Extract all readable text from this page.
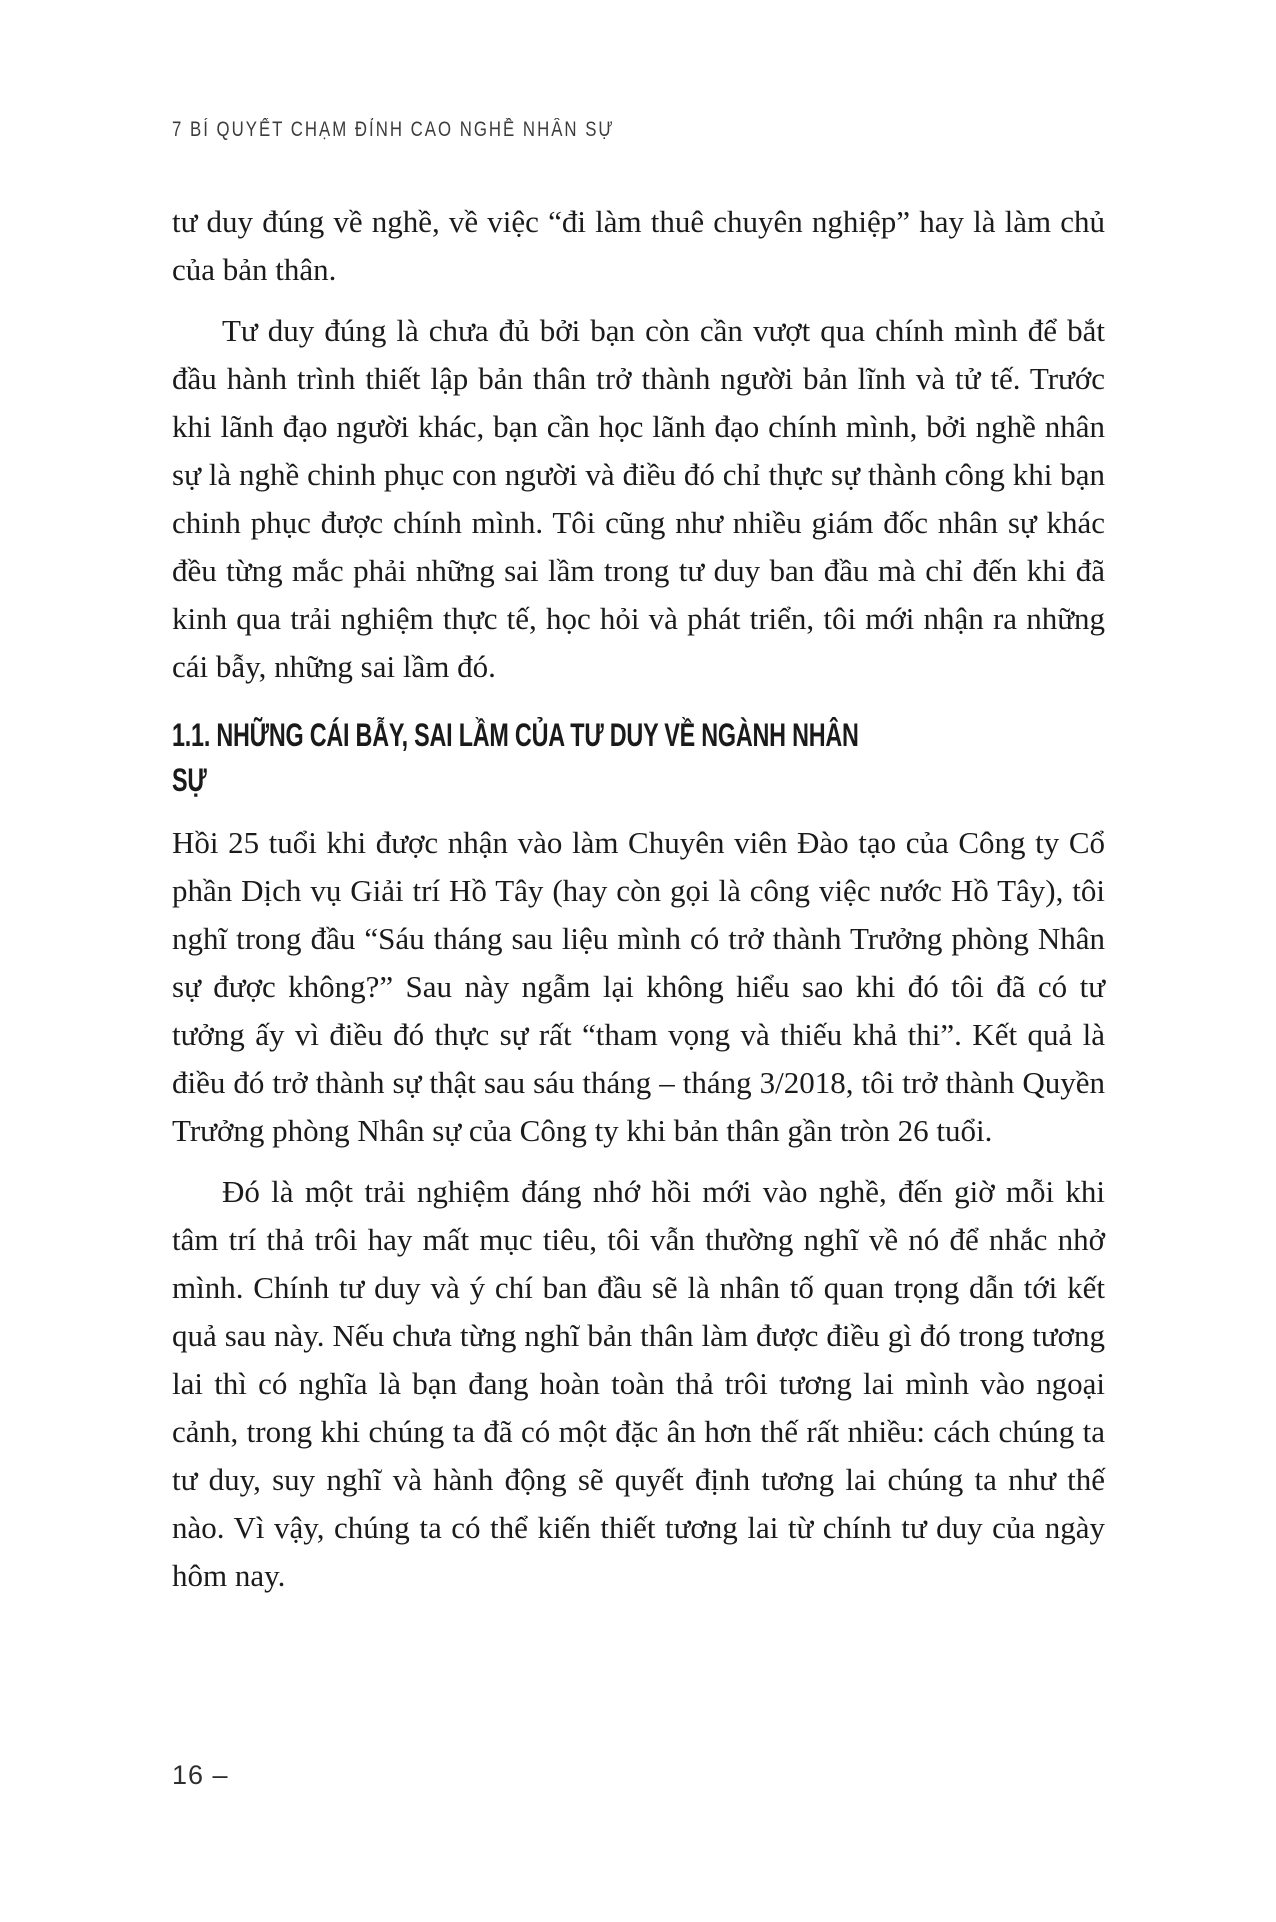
7 BÍ QUYẾT CHẠM ĐỈNH CAO NGHỀ NHÂN SỰ

tư duy đúng về nghề, về việc “đi làm thuê chuyên nghiệp” hay là làm chủ của bản thân.

Tư duy đúng là chưa đủ bởi bạn còn cần vượt qua chính mình để bắt đầu hành trình thiết lập bản thân trở thành người bản lĩnh và tử tế. Trước khi lãnh đạo người khác, bạn cần học lãnh đạo chính mình, bởi nghề nhân sự là nghề chinh phục con người và điều đó chỉ thực sự thành công khi bạn chinh phục được chính mình. Tôi cũng như nhiều giám đốc nhân sự khác đều từng mắc phải những sai lầm trong tư duy ban đầu mà chỉ đến khi đã kinh qua trải nghiệm thực tế, học hỏi và phát triển, tôi mới nhận ra những cái bẫy, những sai lầm đó.

1.1. NHỮNG CÁI BẪY, SAI LẦM CỦA TƯ DUY VỀ NGÀNH NHÂN SỰ

Hồi 25 tuổi khi được nhận vào làm Chuyên viên Đào tạo của Công ty Cổ phần Dịch vụ Giải trí Hồ Tây (hay còn gọi là công việc nước Hồ Tây), tôi nghĩ trong đầu “Sáu tháng sau liệu mình có trở thành Trưởng phòng Nhân sự được không?” Sau này ngẫm lại không hiểu sao khi đó tôi đã có tư tưởng ấy vì điều đó thực sự rất “tham vọng và thiếu khả thi”. Kết quả là điều đó trở thành sự thật sau sáu tháng – tháng 3/2018, tôi trở thành Quyền Trưởng phòng Nhân sự của Công ty khi bản thân gần tròn 26 tuổi.

Đó là một trải nghiệm đáng nhớ hồi mới vào nghề, đến giờ mỗi khi tâm trí thả trôi hay mất mục tiêu, tôi vẫn thường nghĩ về nó để nhắc nhở mình. Chính tư duy và ý chí ban đầu sẽ là nhân tố quan trọng dẫn tới kết quả sau này. Nếu chưa từng nghĩ bản thân làm được điều gì đó trong tương lai thì có nghĩa là bạn đang hoàn toàn thả trôi tương lai mình vào ngoại cảnh, trong khi chúng ta đã có một đặc ân hơn thế rất nhiều: cách chúng ta tư duy, suy nghĩ và hành động sẽ quyết định tương lai chúng ta như thế nào. Vì vậy, chúng ta có thể kiến thiết tương lai từ chính tư duy của ngày hôm nay.

16 –
